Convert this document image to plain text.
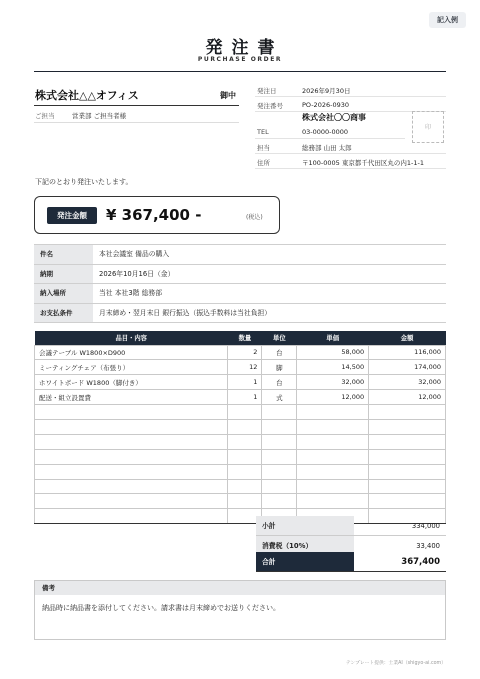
記入例
発注書
PURCHASE ORDER
株式会社△△オフィス	御中
ご担当	営業部 ご担当者様
発注日	2026年9月30日
発注番号	PO-2026-0930
株式会社〇〇商事
TEL	03-0000-0000
担当	総務部 山田 太郎
住所	〒100-0005 東京都千代田区丸の内1-1-1
印
下記のとおり発注いたします。
発注金額	¥ 367,400 -	(税込)
件名	本社会議室 備品の購入
納期	2026年10月16日（金）
納入場所	当社 本社3階 総務部
お支払条件	月末締め・翌月末日 銀行振込（振込手数料は当社負担）
品目・内容	数量	単位	単価	金額
会議テーブル W1800×D900	2	台	58,000	116,000
ミーティングチェア（布張り）	12	脚	14,500	174,000
ホワイトボード W1800（脚付き）	1	台	32,000	32,000
配送・組立設置費	1	式	12,000	12,000

小計	334,000
消費税（10%）	33,400
合計	367,400
備考
納品時に納品書を添付してください。請求書は月末締めでお送りください。
テンプレート提供：士業AI（shigyo-ai.com）
